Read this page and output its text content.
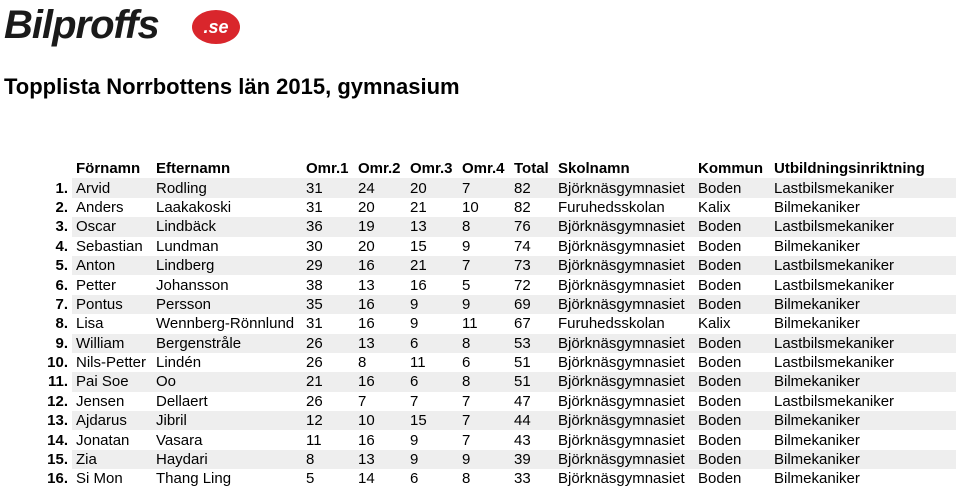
Bilproffs	.se
Topplista Norrbottens län 2015, gymnasium
	Förnamn	Efternamn	Omr.1	Omr.2	Omr.3	Omr.4	Total	Skolnamn	Kommun	Utbildningsinriktning
1.	Arvid	Rodling	31	24	20	7	82	Björknäsgymnasiet	Boden	Lastbilsmekaniker
2.	Anders	Laakakoski	31	20	21	10	82	Furuhedsskolan	Kalix	Bilmekaniker
3.	Oscar	Lindbäck	36	19	13	8	76	Björknäsgymnasiet	Boden	Lastbilsmekaniker
4.	Sebastian	Lundman	30	20	15	9	74	Björknäsgymnasiet	Boden	Bilmekaniker
5.	Anton	Lindberg	29	16	21	7	73	Björknäsgymnasiet	Boden	Lastbilsmekaniker
6.	Petter	Johansson	38	13	16	5	72	Björknäsgymnasiet	Boden	Lastbilsmekaniker
7.	Pontus	Persson	35	16	9	9	69	Björknäsgymnasiet	Boden	Bilmekaniker
8.	Lisa	Wennberg-Rönnlund	31	16	9	11	67	Furuhedsskolan	Kalix	Bilmekaniker
9.	William	Bergenstråle	26	13	6	8	53	Björknäsgymnasiet	Boden	Lastbilsmekaniker
10.	Nils-Petter	Lindén	26	8	11	6	51	Björknäsgymnasiet	Boden	Lastbilsmekaniker
11.	Pai Soe	Oo	21	16	6	8	51	Björknäsgymnasiet	Boden	Bilmekaniker
12.	Jensen	Dellaert	26	7	7	7	47	Björknäsgymnasiet	Boden	Lastbilsmekaniker
13.	Ajdarus	Jibril	12	10	15	7	44	Björknäsgymnasiet	Boden	Bilmekaniker
14.	Jonatan	Vasara	11	16	9	7	43	Björknäsgymnasiet	Boden	Bilmekaniker
15.	Zia	Haydari	8	13	9	9	39	Björknäsgymnasiet	Boden	Bilmekaniker
16.	Si Mon	Thang Ling	5	14	6	8	33	Björknäsgymnasiet	Boden	Bilmekaniker
